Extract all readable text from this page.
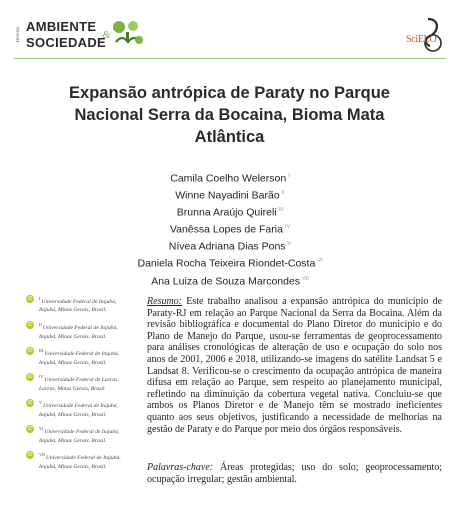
Revista
AMBIENTE
&
SOCIEDADE	SciELO
Expansão antrópica de Paraty no Parque Nacional Serra da Bocaina, Bioma Mata Atlântica
Camila Coelho Welerson $^I$
Winne Nayadini Barão $^{II}$
Brunna Araújo Quireli $^{III}$
Vanêssa Lopes de Faria $^{IV}$
Nívea Adriana Dias Pons $^V$
Daniela Rocha Teixeira Riondet-Costa $^{VI}$
Ana Luiza de Souza Marcondes $^{VII}$
iD	$^I$Universidade Federal de Itajubá, Itajubá, Minas Gerais, Brasil.
iD	$^{II}$Universidade Federal de Itajubá, Itajubá, Minas Gerais, Brasil.
iD	$^{III}$Universidade Federal de Itajubá, Itajubá, Minas Gerais, Brasil.
iD	$^{IV}$Universidade Federal de Lavras, Lavras, Minas Gerais, Brasil.
iD	$^V$Universidade Federal de Itajubá, Itajubá, Minas Gerais, Brasil.
iD	$^{VI}$Universidade Federal de Itajubá, Itajubá, Minas Gerais, Brasil.
iD	$^{VII}$Universidade Federal de Itajubá, Itajubá, Minas Gerais, Brasil.

Resumo: Este trabalho analisou a expansão antrópica do município de Paraty-RJ em relação ao Parque Nacional da Serra da Bocaina. Além da revisão bibliográfica e documental do Plano Diretor do município e do Plano de Manejo do Parque, usou-se ferramentas de geoprocessamento para análises cronológicas de alteração de uso e ocupação do solo nos anos de 2001, 2006 e 2018, utilizando-se imagens do satélite Landsat 5 e Landsat 8. Verificou-se o crescimento da ocupação antrópica de maneira difusa em relação ao Parque, sem respeito ao planejamento municipal, refletindo na diminuição da cobertura vegetal nativa. Concluiu-se que ambos os Planos Diretor e de Manejo têm se mostrado ineficientes quanto aos seus objetivos, justificando a necessidade de melhorias na gestão de Paraty e do Parque por meio dos órgãos responsáveis.

Palavras-chave: Áreas protegidas; uso do solo; geoprocessamento; ocupação irregular; gestão ambiental.
